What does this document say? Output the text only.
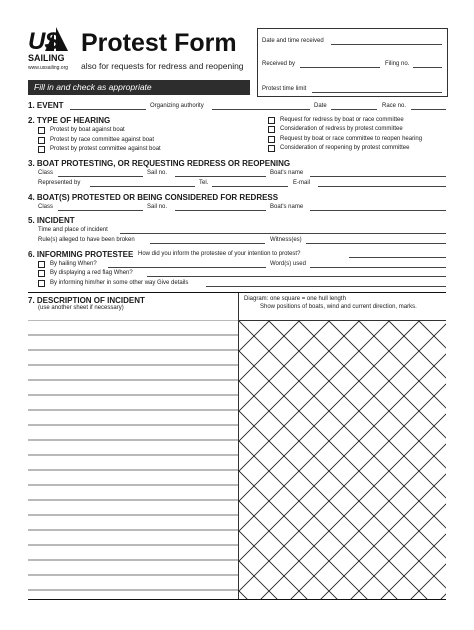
US
SAILING
www.ussailing.org
Protest Form
also for requests for redress and reopening
Fill in and check as appropriate
Date and time received
Received by	Filing no.
Protest time limit
1. EVENT	Organizing authority	Date	Race no.
2. TYPE OF HEARING
Protest by boat against boat
Protest by race committee against boat
Protest by protest committee against boat
Request for redress by boat or race committee
Consideration of redress by protest committee
Request by boat or race committee to reopen hearing
Consideration of reopening by protest committee
3. BOAT PROTESTING, OR REQUESTING REDRESS OR REOPENING
Class	Sail no.	Boat's name
Represented by	Tel.	E-mail
4. BOAT(S) PROTESTED OR BEING CONSIDERED FOR REDRESS
Class	Sail no.	Boat's name
5. INCIDENT
Time and place of incident
Rule(s) alleged to have been broken	Witness(es)
6. INFORMING PROTESTEE How did you inform the protestee of your intention to protest?
By hailing When?	Word(s) used
By displaying a red flag When?
By informing him/her in some other way Give details
7. DESCRIPTION OF INCIDENT
(use another sheet if necessary)
Diagram: one square = one hull length
Show positions of boats, wind and current direction, marks.
